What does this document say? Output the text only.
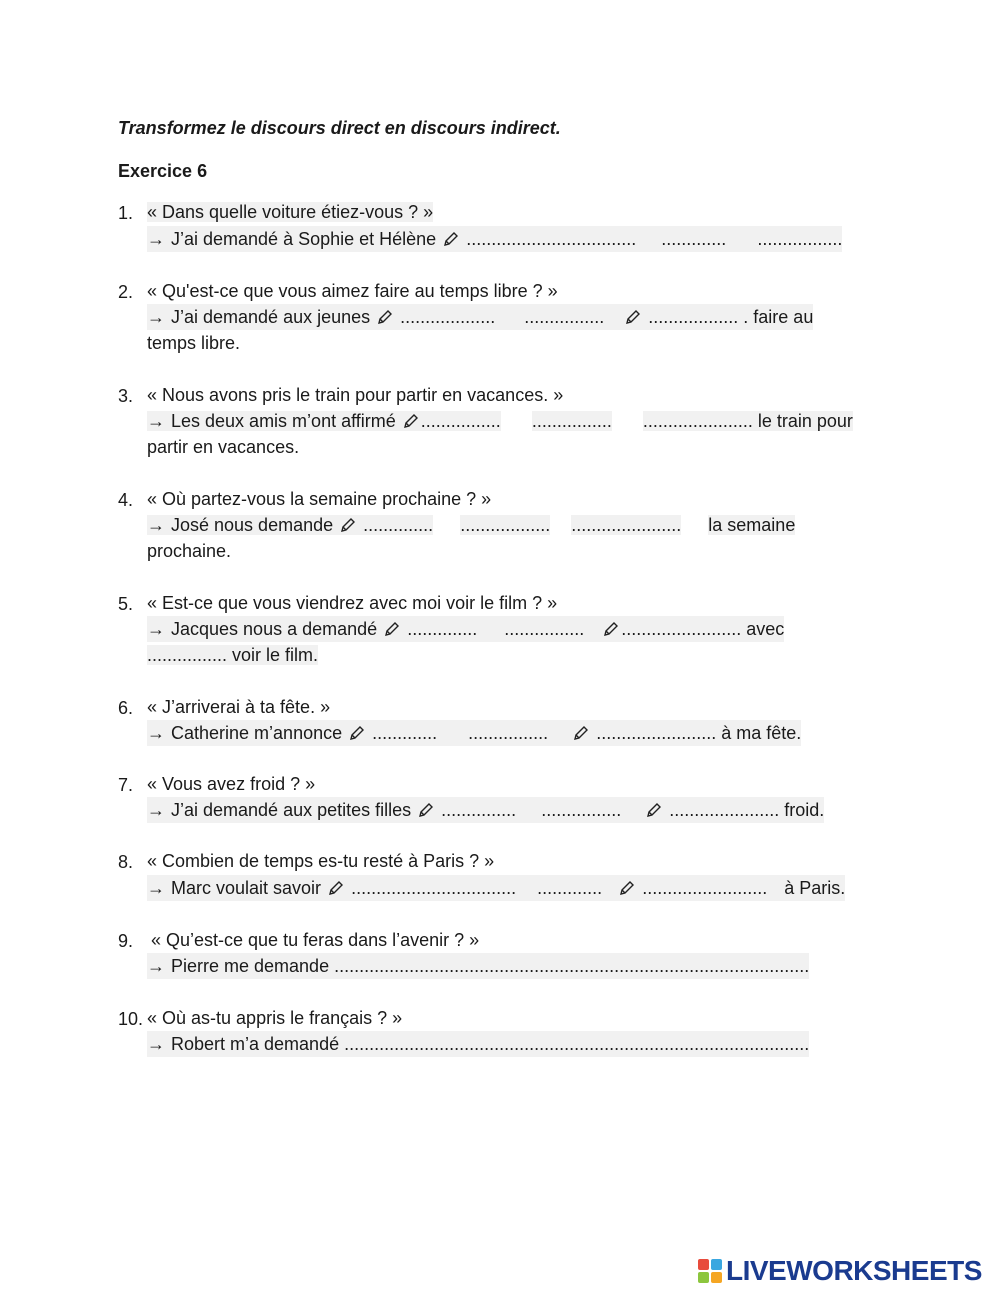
Transformez le discours direct en discours indirect.
Exercice 6
1. « Dans quelle voiture étiez-vous ? »
→ J’ai demandé à Sophie et Hélène .................................. ............. .................
2. « Qu'est-ce que vous aimez faire au temps libre ? »
→ J’ai demandé aux jeunes ................... ................ .................. . faire au
temps libre.
3. « Nous avons pris le train pour partir en vacances. »
→ Les deux amis m’ont affirmé ................ ................ ...................... le train pour
partir en vacances.
4. « Où partez-vous la semaine prochaine ? »
→ José nous demande .............. .................. ...................... la semaine
prochaine.
5. « Est-ce que vous viendrez avec moi voir le film ? »
→ Jacques nous a demandé .............. ................ ........................ avec
................ voir le film.
6. « J’arriverai à ta fête. »
→ Catherine m’annonce ............. ................	........................ à ma fête.
7. « Vous avez froid ? »
→ J’ai demandé aux petites filles ............... ................	...................... froid.
8. « Combien de temps es-tu resté à Paris ? »
→ Marc voulait savoir ................................. ............. ......................... à Paris.
9. « Qu’est-ce que tu feras dans l’avenir ? »
→ Pierre me demande ...............................................................................................
10. « Où as-tu appris le français ? »
→ Robert m’a demandé .............................................................................................
LIVEWORKSHEETS
